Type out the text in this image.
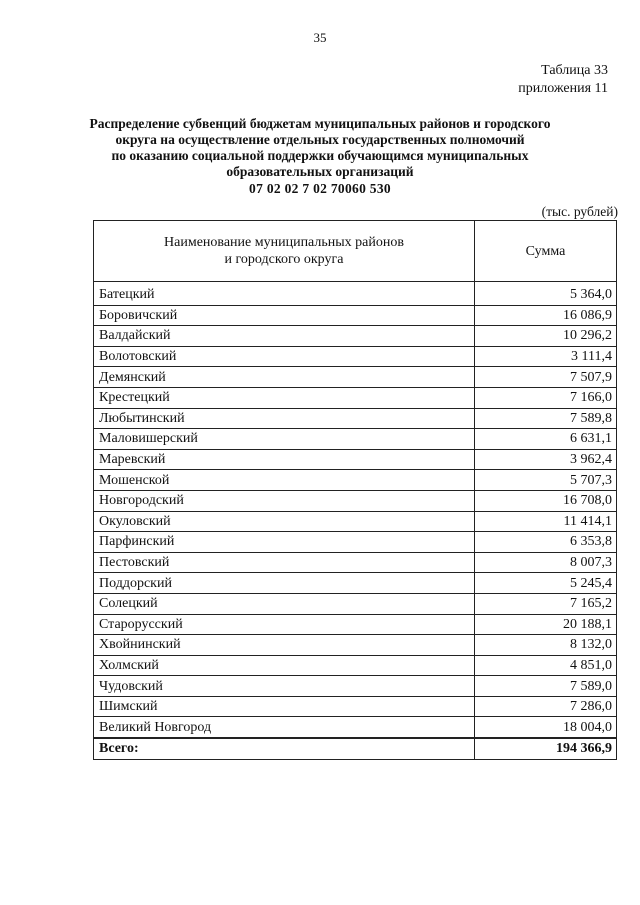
35
Таблица 33
приложения 11
Распределение субвенций бюджетам муниципальных районов и городского
округа на осуществление отдельных государственных полномочий
по оказанию социальной поддержки обучающимся муниципальных
образовательных организаций
07 02 02 7 02 70060 530
(тыс. рублей)
Наименование муниципальных районов
и городского округа	Сумма
Батецкий	5 364,0
Боровичский	16 086,9
Валдайский	10 296,2
Волотовский	3 111,4
Демянский	7 507,9
Крестецкий	7 166,0
Любытинский	7 589,8
Маловишерский	6 631,1
Маревский	3 962,4
Мошенской	5 707,3
Новгородский	16 708,0
Окуловский	11 414,1
Парфинский	6 353,8
Пестовский	8 007,3
Поддорский	5 245,4
Солецкий	7 165,2
Старорусский	20 188,1
Хвойнинский	8 132,0
Холмский	4 851,0
Чудовский	7 589,0
Шимский	7 286,0
Великий Новгород	18 004,0
Всего:	194 366,9
